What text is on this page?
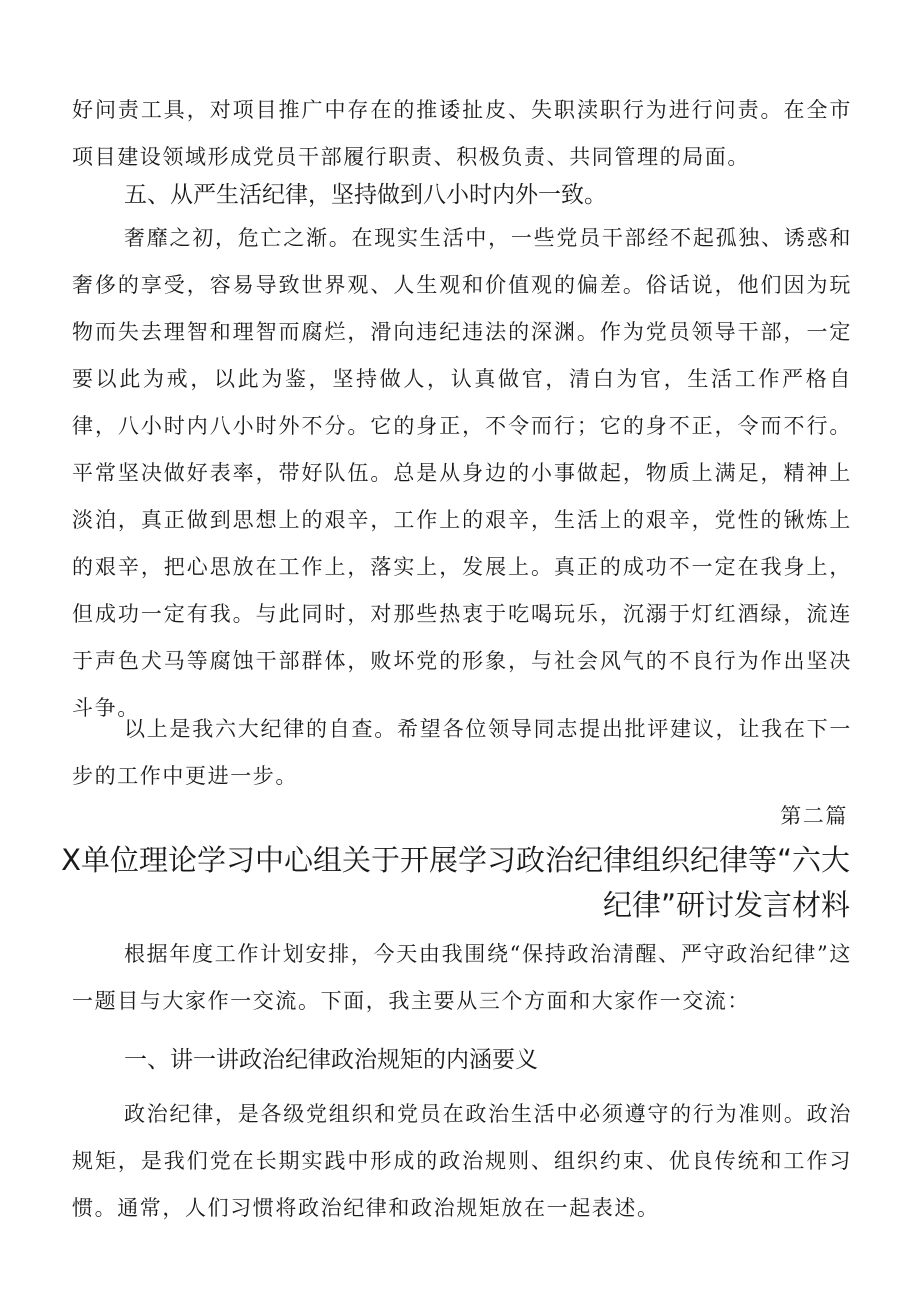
好问责工具，对项目推广中存在的推诿扯皮、失职渎职行为进行问责。在全市项目建设领域形成党员干部履行职责、积极负责、共同管理的局面。

五、从严生活纪律，坚持做到八小时内外一致。

奢靡之初，危亡之渐。在现实生活中，一些党员干部经不起孤独、诱惑和奢侈的享受，容易导致世界观、人生观和价值观的偏差。俗话说，他们因为玩物而失去理智和理智而腐烂，滑向违纪违法的深渊。作为党员领导干部，一定要以此为戒，以此为鉴，坚持做人，认真做官，清白为官，生活工作严格自律，八小时内八小时外不分。它的身正，不令而行；它的身不正，令而不行。平常坚决做好表率，带好队伍。总是从身边的小事做起，物质上满足，精神上淡泊，真正做到思想上的艰辛，工作上的艰辛，生活上的艰辛，党性的锹炼上的艰辛，把心思放在工作上，落实上，发展上。真正的成功不一定在我身上，但成功一定有我。与此同时，对那些热衷于吃喝玩乐，沉溺于灯红酒绿，流连于声色犬马等腐蚀干部群体，败坏党的形象，与社会风气的不良行为作出坚决斗争。

以上是我六大纪律的自查。希望各位领导同志提出批评建议，让我在下一步的工作中更进一步。

第二篇

X单位理论学习中心组关于开展学习政治纪律组织纪律等“六大
纪律”研讨发言材料

根据年度工作计划安排，今天由我围绕“保持政治清醒、严守政治纪律”这一题目与大家作一交流。下面，我主要从三个方面和大家作一交流：

一、讲一讲政治纪律政治规矩的内涵要义

政治纪律，是各级党组织和党员在政治生活中必须遵守的行为准则。政治规矩，是我们党在长期实践中形成的政治规则、组织约束、优良传统和工作习惯。通常，人们习惯将政治纪律和政治规矩放在一起表述。
